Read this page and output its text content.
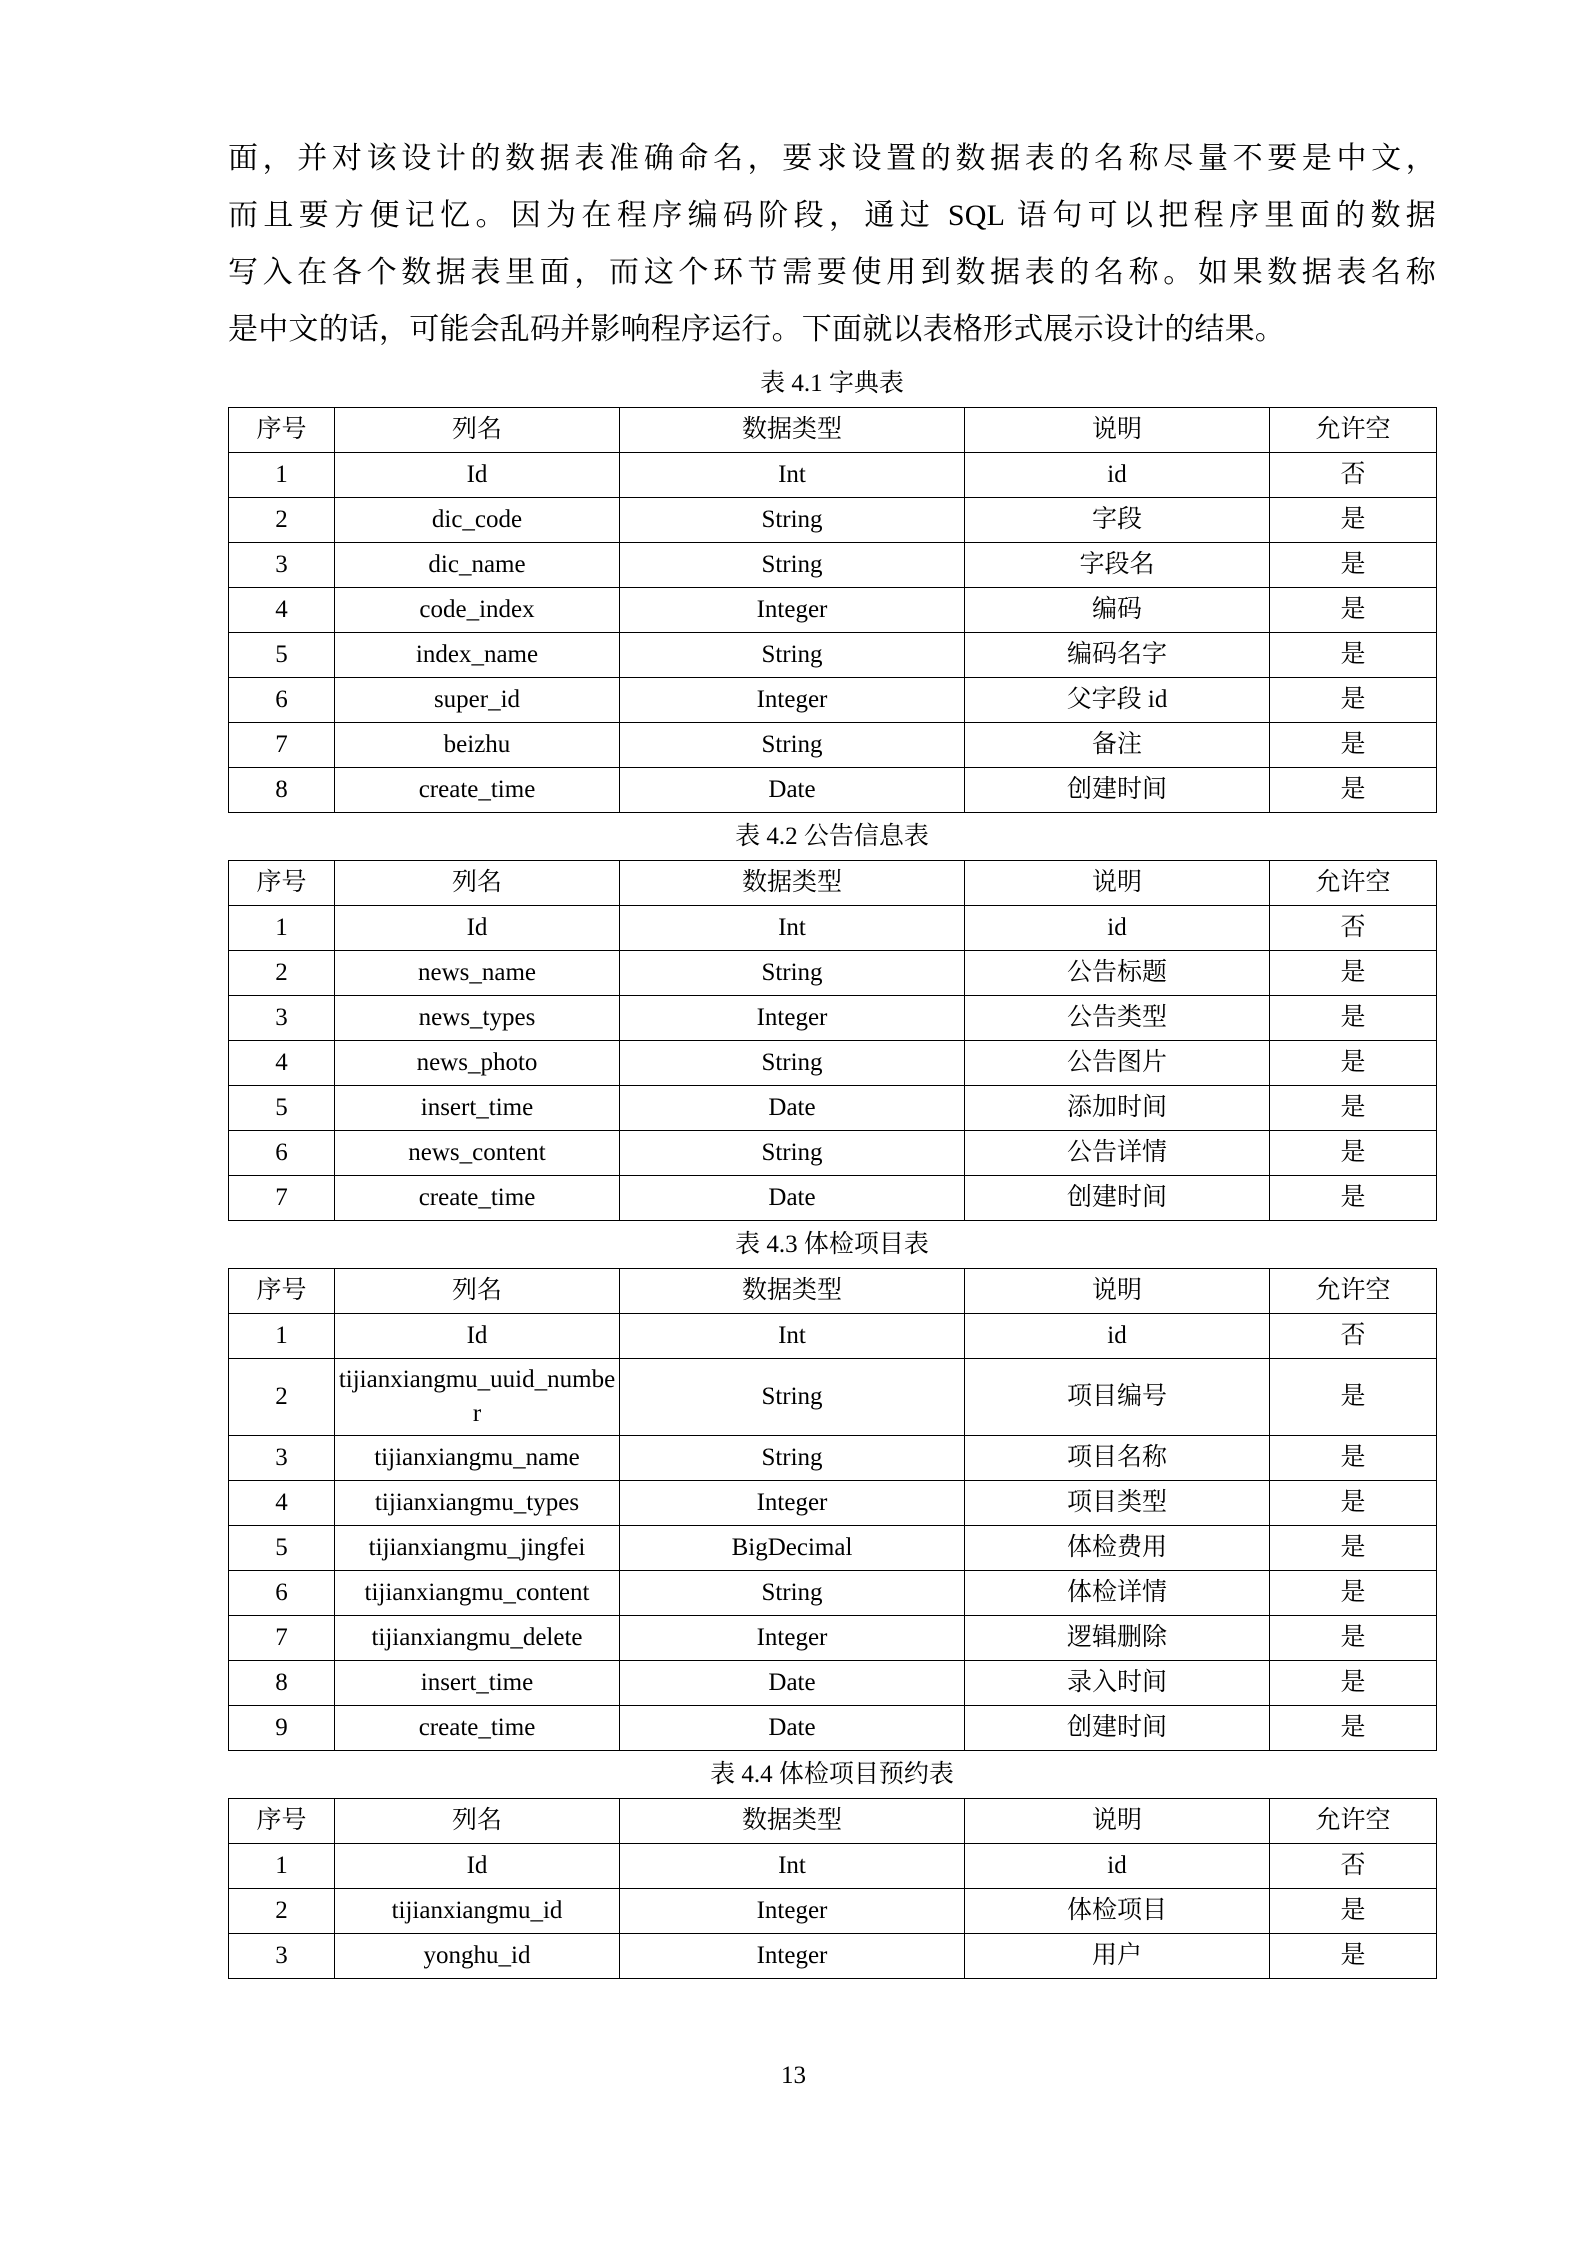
面，并对该设计的数据表准确命名，要求设置的数据表的名称尽量不要是中文，
而且要方便记忆。因为在程序编码阶段，通过 SQL 语句可以把程序里面的数据
写入在各个数据表里面，而这个环节需要使用到数据表的名称。如果数据表名称
是中文的话，可能会乱码并影响程序运行。下面就以表格形式展示设计的结果。
表 4.1 字典表
序号	列名	数据类型	说明	允许空
1	Id	Int	id	否
2	dic_code	String	字段	是
3	dic_name	String	字段名	是
4	code_index	Integer	编码	是
5	index_name	String	编码名字	是
6	super_id	Integer	父字段 id	是
7	beizhu	String	备注	是
8	create_time	Date	创建时间	是
表 4.2 公告信息表
序号	列名	数据类型	说明	允许空
1	Id	Int	id	否
2	news_name	String	公告标题	是
3	news_types	Integer	公告类型	是
4	news_photo	String	公告图片	是
5	insert_time	Date	添加时间	是
6	news_content	String	公告详情	是
7	create_time	Date	创建时间	是
表 4.3 体检项目表
序号	列名	数据类型	说明	允许空
1	Id	Int	id	否
2	tijianxiangmu_uuid_number	String	项目编号	是
3	tijianxiangmu_name	String	项目名称	是
4	tijianxiangmu_types	Integer	项目类型	是
5	tijianxiangmu_jingfei	BigDecimal	体检费用	是
6	tijianxiangmu_content	String	体检详情	是
7	tijianxiangmu_delete	Integer	逻辑删除	是
8	insert_time	Date	录入时间	是
9	create_time	Date	创建时间	是
表 4.4 体检项目预约表
序号	列名	数据类型	说明	允许空
1	Id	Int	id	否
2	tijianxiangmu_id	Integer	体检项目	是
3	yonghu_id	Integer	用户	是
13
